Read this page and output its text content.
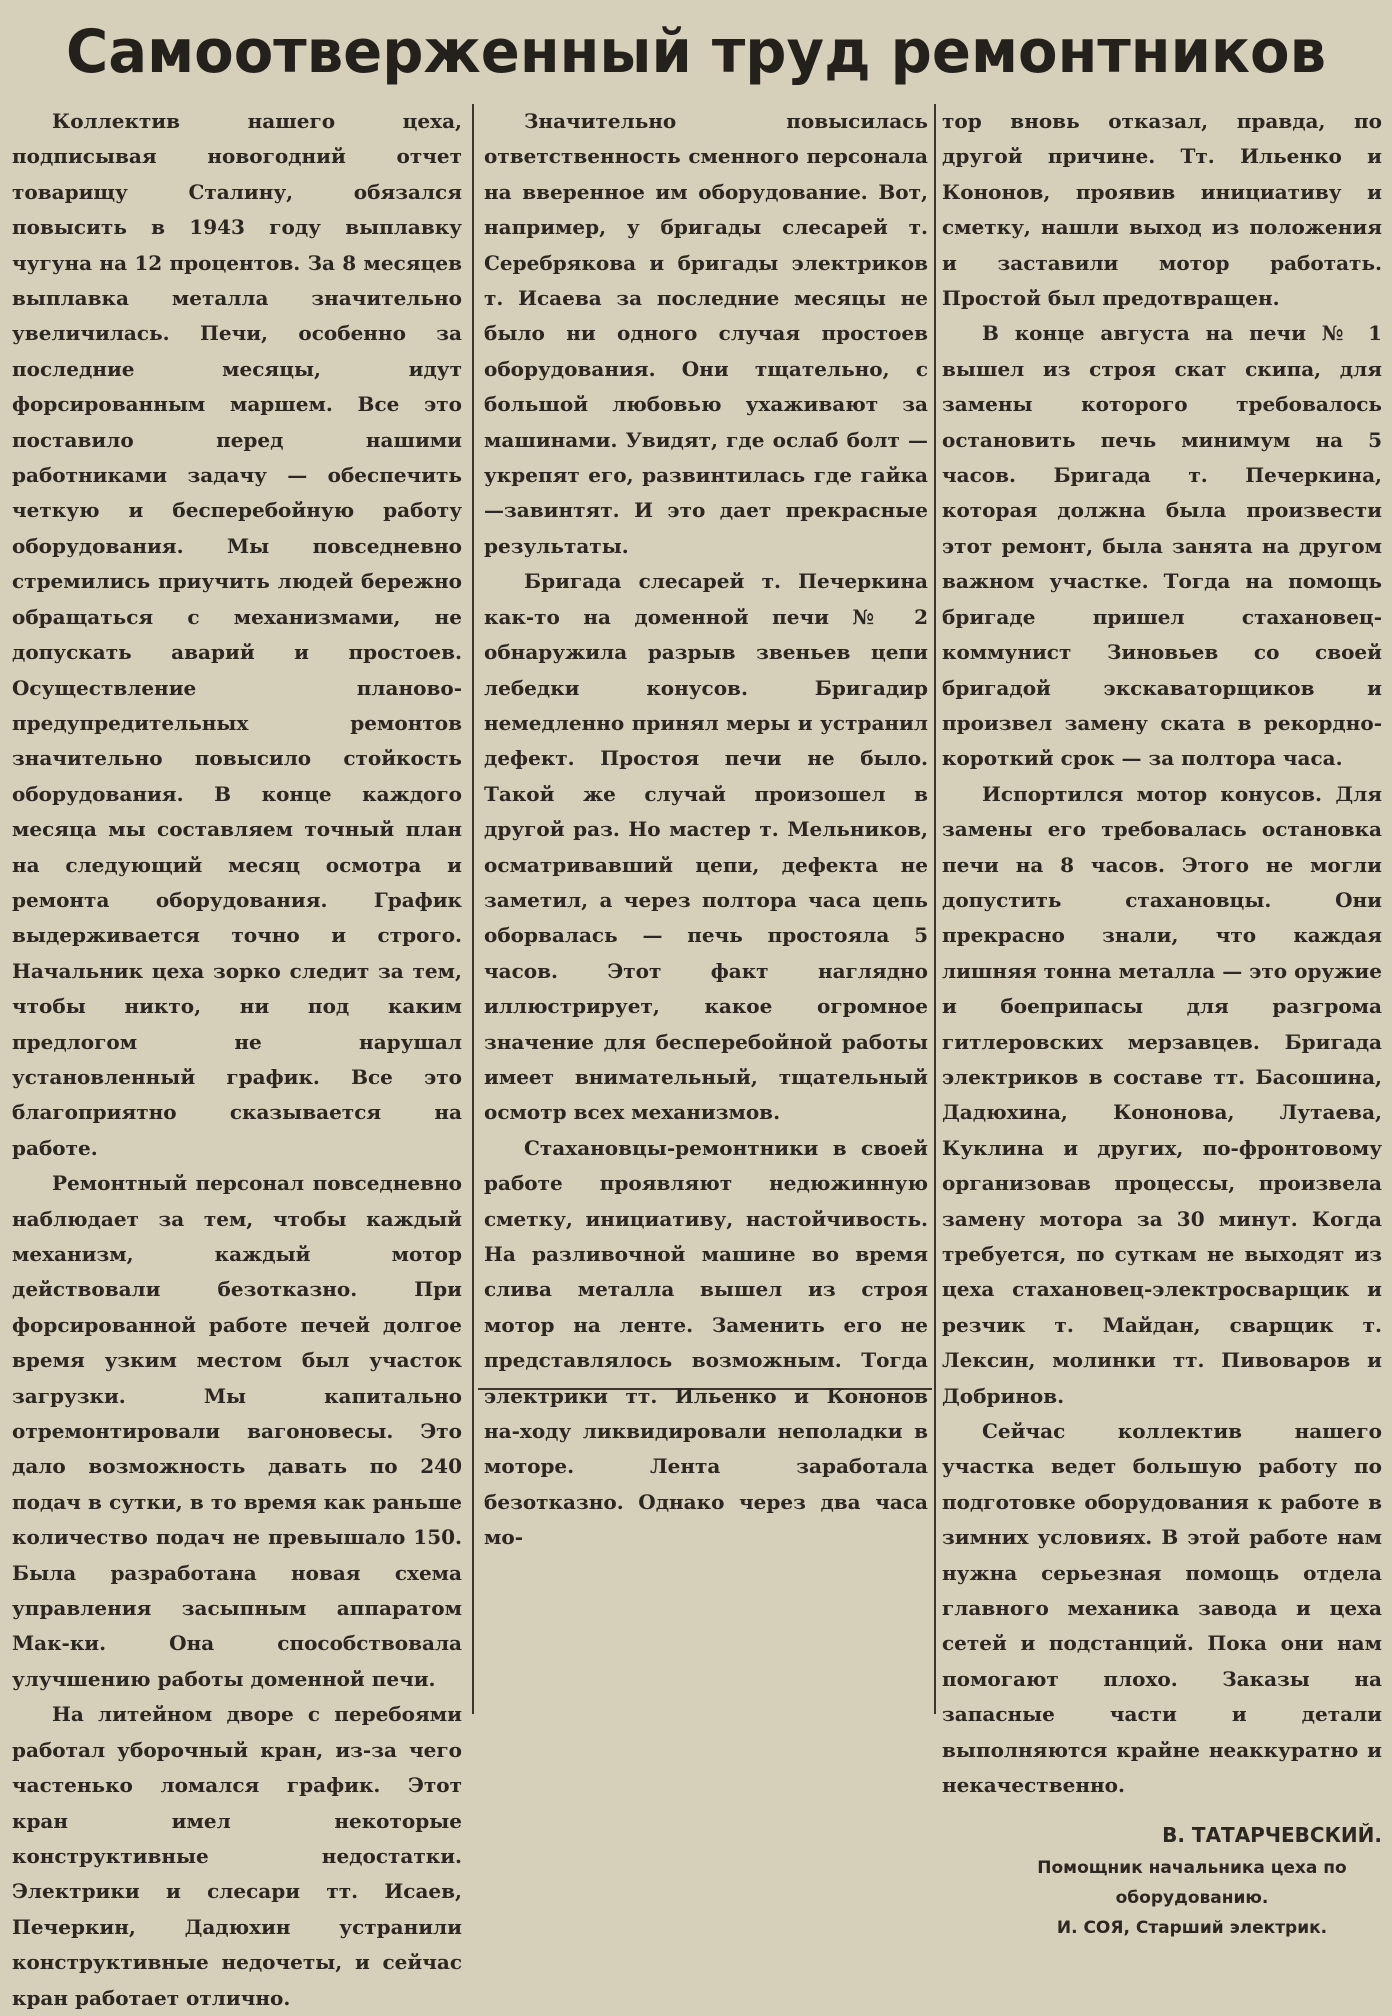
Самоотверженный труд ремонтников

Коллектив нашего цеха, подписывая новогодний отчет товарищу Сталину, обязался повысить в 1943 году выплавку чугуна на 12 процентов. За 8 месяцев выплавка металла значительно увеличилась. Печи, особенно за последние месяцы, идут форсированным маршем. Все это поставило перед нашими работниками задачу — обеспечить четкую и бесперебойную работу оборудования. Мы повседневно стремились приучить людей бережно обращаться с механизмами, не допускать аварий и простоев. Осуществление планово-предупредительных ремонтов значительно повысило стойкость оборудования. В конце каждого месяца мы составляем точный план на следующий месяц осмотра и ремонта оборудования. График выдерживается точно и строго. Начальник цеха зорко следит за тем, чтобы никто, ни под каким предлогом не нарушал установленный график. Все это благоприятно сказывается на работе.

Ремонтный персонал повседневно наблюдает за тем, чтобы каждый механизм, каждый мотор действовали безотказно. При форсированной работе печей долгое время узким местом был участок загрузки. Мы капитально отремонтировали вагоновесы. Это дало возможность давать по 240 подач в сутки, в то время как раньше количество подач не превышало 150. Была разработана новая схема управления засыпным аппаратом Мак-ки. Она способствовала улучшению работы доменной печи.

На литейном дворе с перебоями работал уборочный кран, из-за чего частенько ломался график. Этот кран имел некоторые конструктивные недостатки. Электрики и слесари тт. Исаев, Печеркин, Дадюхин устранили конструктивные недочеты, и сейчас кран работает отлично.

Значительно повысилась ответственность сменного персонала на вверенное им оборудование. Вот, например, у бригады слесарей т. Серебрякова и бригады электриков т. Исаева за последние месяцы не было ни одного случая простоев оборудования. Они тщательно, с большой любовью ухаживают за машинами. Увидят, где ослаб болт — укрепят его, развинтилась где гайка—завинтят. И это дает прекрасные результаты.

Бригада слесарей т. Печеркина как-то на доменной печи № 2 обнаружила разрыв звеньев цепи лебедки конусов. Бригадир немедленно принял меры и устранил дефект. Простоя печи не было. Такой же случай произошел в другой раз. Но мастер т. Мельников, осматривавший цепи, дефекта не заметил, а через полтора часа цепь оборвалась — печь простояла 5 часов. Этот факт наглядно иллюстрирует, какое огромное значение для бесперебойной работы имеет внимательный, тщательный осмотр всех механизмов.

Стахановцы-ремонтники в своей работе проявляют недюжинную сметку, инициативу, настойчивость. На разливочной машине во время слива металла вышел из строя мотор на ленте. Заменить его не представлялось возможным. Тогда электрики тт. Ильенко и Кононов на-ходу ликвидировали неполадки в моторе. Лента заработала безотказно. Однако через два часа мо-

тор вновь отказал, правда, по другой причине. Тт. Ильенко и Кононов, проявив инициативу и сметку, нашли выход из положения и заставили мотор работать. Простой был предотвращен.

В конце августа на печи № 1 вышел из строя скат скипа, для замены которого требовалось остановить печь минимум на 5 часов. Бригада т. Печеркина, которая должна была произвести этот ремонт, была занята на другом важном участке. Тогда на помощь бригаде пришел стахановец-коммунист Зиновьев со своей бригадой экскаваторщиков и произвел замену ската в рекордно-короткий срок — за полтора часа.

Испортился мотор конусов. Для замены его требовалась остановка печи на 8 часов. Этого не могли допустить стахановцы. Они прекрасно знали, что каждая лишняя тонна металла — это оружие и боеприпасы для разгрома гитлеровских мерзавцев. Бригада электриков в составе тт. Басошина, Дадюхина, Кононова, Лутаева, Куклина и других, по-фронтовому организовав процессы, произвела замену мотора за 30 минут. Когда требуется, по суткам не выходят из цеха стахановец-электросварщик и резчик т. Майдан, сварщик т. Лексин, молинки тт. Пивоваров и Добринов.

Сейчас коллектив нашего участка ведет большую работу по подготовке оборудования к работе в зимних условиях. В этой работе нам нужна серьезная помощь отдела главного механика завода и цеха сетей и подстанций. Пока они нам помогают плохо. Заказы на запасные части и детали выполняются крайне неаккуратно и некачественно.

В. ТАТАРЧЕВСКИЙ.
Помощник начальника цеха по оборудованию.
И. СОЯ, Старший электрик.
